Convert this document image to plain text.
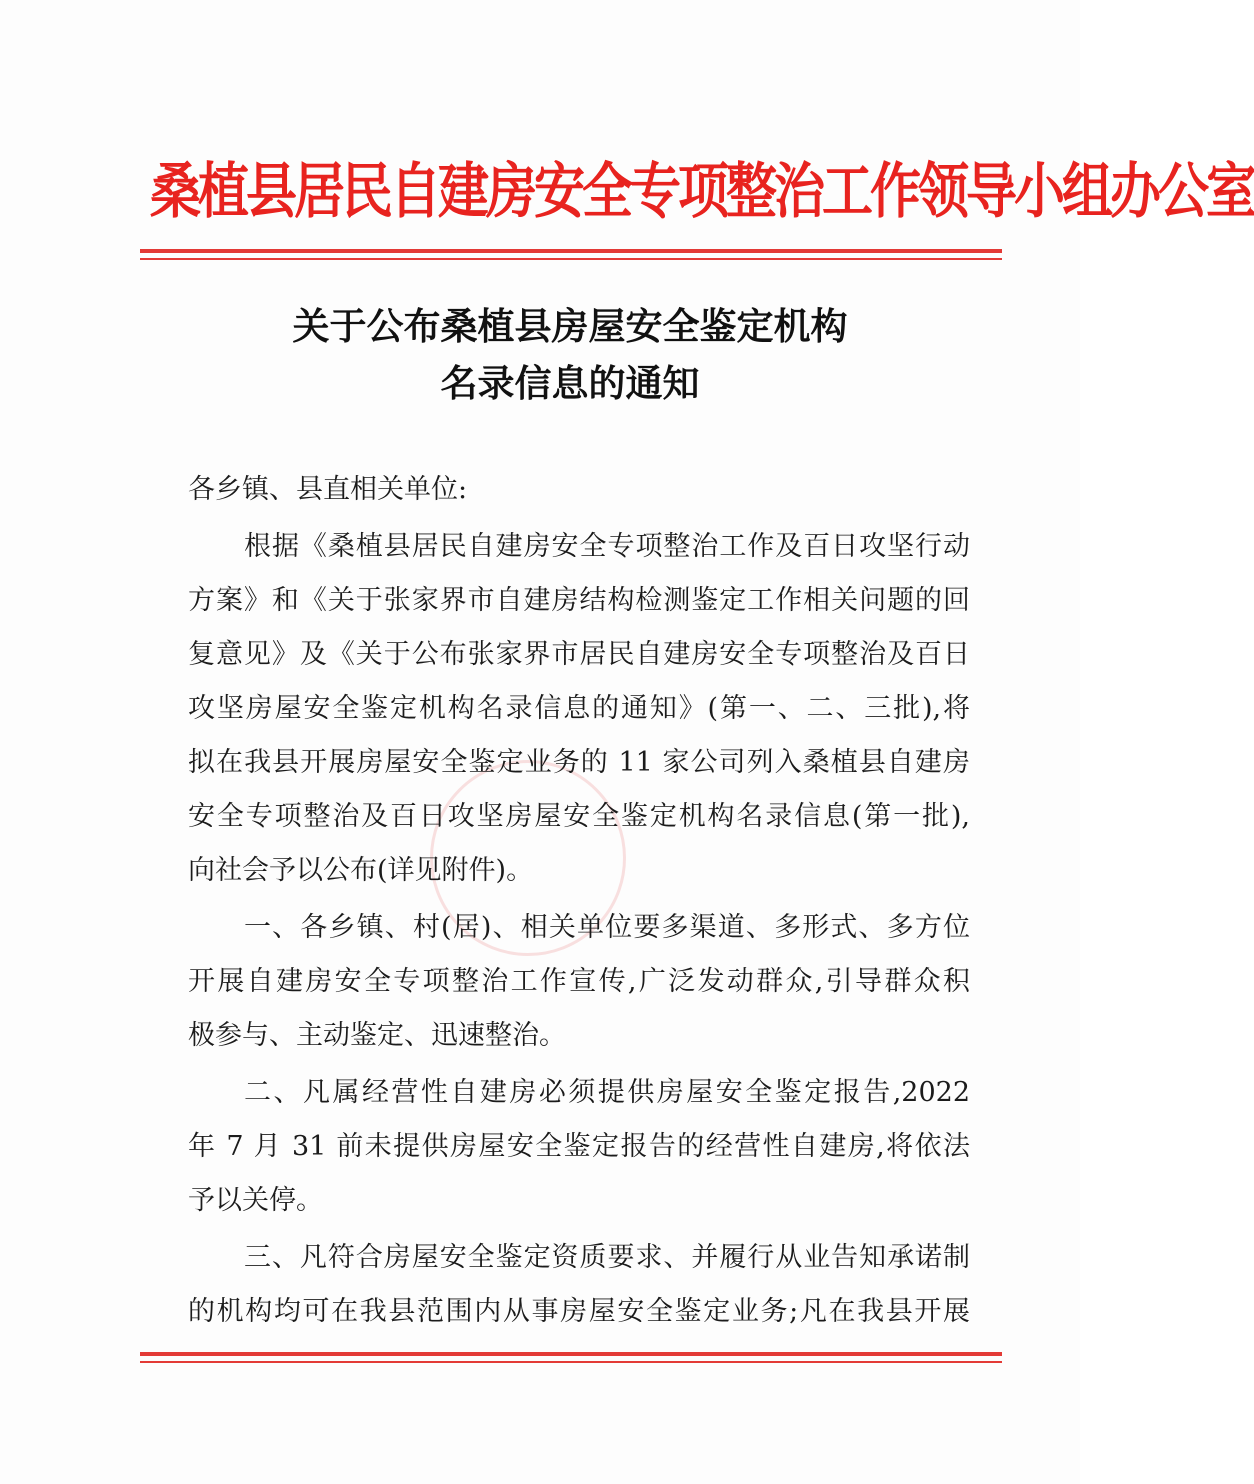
桑植县居民自建房安全专项整治工作领导小组办公室
关于公布桑植县房屋安全鉴定机构
名录信息的通知
各乡镇、县直相关单位:
根据《桑植县居民自建房安全专项整治工作及百日攻坚行动
方案》和《关于张家界市自建房结构检测鉴定工作相关问题的回
复意见》及《关于公布张家界市居民自建房安全专项整治及百日
攻坚房屋安全鉴定机构名录信息的通知》(第一、二、三批),将
拟在我县开展房屋安全鉴定业务的 11 家公司列入桑植县自建房
安全专项整治及百日攻坚房屋安全鉴定机构名录信息(第一批),
向社会予以公布(详见附件)。
一、各乡镇、村(居)、相关单位要多渠道、多形式、多方位
开展自建房安全专项整治工作宣传,广泛发动群众,引导群众积
极参与、主动鉴定、迅速整治。
二、凡属经营性自建房必须提供房屋安全鉴定报告,2022
年 7 月 31 前未提供房屋安全鉴定报告的经营性自建房,将依法
予以关停。
三、凡符合房屋安全鉴定资质要求、并履行从业告知承诺制
的机构均可在我县范围内从事房屋安全鉴定业务;凡在我县开展
